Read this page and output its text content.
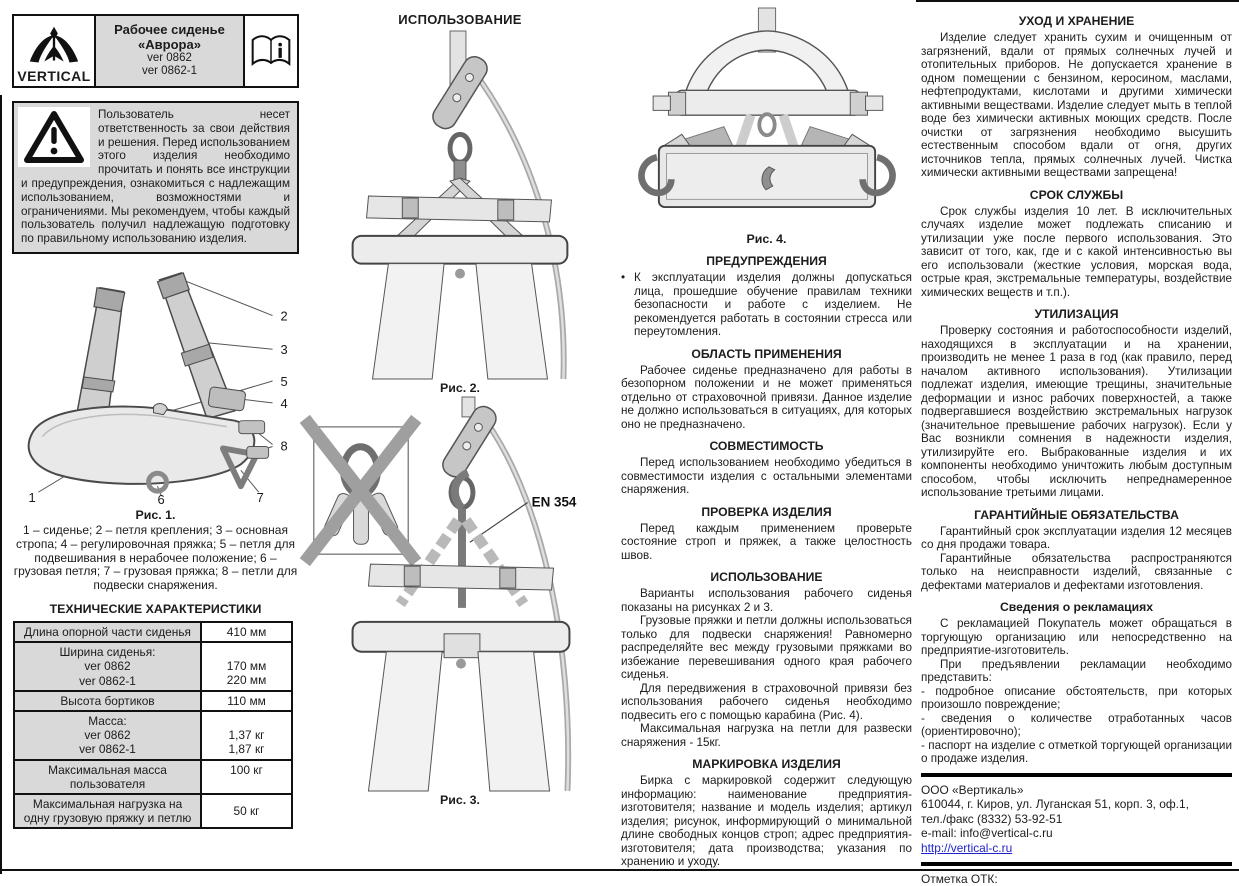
VERTICAL
Рабочее сиденье
«Аврора»
ver 0862
ver 0862-1
Пользователь несет ответственность за свои действия и решения. Перед использованием этого изделия необходимо прочитать и понять все инструкции и предупреждения, ознакомиться с надлежащим использованием, возможностями и ограничениями. Мы рекомендуем, чтобы каждый пользователь получил надлежащую подготовку по правильному использованию изделия.
2
3
5
4
8
1	6	7
Рис. 1.
1 – сиденье; 2 – петля крепления; 3 – основная стропа; 4 – регулировочная пряжка; 5 – петля для подвешивания в нерабочее положение; 6 – грузовая петля; 7 – грузовая пряжка; 8 – петли для подвески снаряжения.
ТЕХНИЧЕСКИЕ ХАРАКТЕРИСТИКИ
Длина опорной части сиденья	410 мм

Ширина сиденья:
ver 0862
ver 0862-1	170 мм
220 мм

Высота бортиков	110 мм

Масса:
ver 0862
ver 0862-1	1,37 кг
1,87 кг

Максимальная масса пользователя	100 кг
Максимальная нагрузка на одну грузовую пряжку и петлю	50 кг
ИСПОЛЬЗОВАНИЕ
Рис. 2.
EN 354
Рис. 3.
Рис. 4.
ПРЕДУПРЕЖДЕНИЯ
• К эксплуатации изделия должны допускаться лица, прошедшие обучение правилам техники безопасности и работе с изделием. Не рекомендуется работать в состоянии стресса или переутомления.
ОБЛАСТЬ ПРИМЕНЕНИЯ

Рабочее сиденье предназначено для работы в безопорном положении и не может применяться отдельно от страховочной привязи. Данное изделие не должно использоваться в ситуациях, для которых оно не предназначено.

СОВМЕСТИМОСТЬ

Перед использованием необходимо убедиться в совместимости изделия с остальными элементами снаряжения.

ПРОВЕРКА ИЗДЕЛИЯ

Перед каждым применением проверьте состояние строп и пряжек, а также целостность швов.

ИСПОЛЬЗОВАНИЕ

Варианты использования рабочего сиденья показаны на рисунках 2 и 3.

Грузовые пряжки и петли должны использоваться только для подвески снаряжения! Равномерно распределяйте вес между грузовыми пряжками во избежание перевешивания одного края рабочего сиденья.

Для передвижения в страховочной привязи без использования рабочего сиденья необходимо подвесить его с помощью карабина (Рис. 4).

Максимальная нагрузка на петли для развески снаряжения - 15кг.

МАРКИРОВКА ИЗДЕЛИЯ

Бирка с маркировкой содержит следующую информацию: наименование предприятия-изготовителя; название и модель изделия; артикул изделия; рисунок, информирующий о минимальной длине свободных концов строп; адрес предприятия-изготовителя; дата производства; указания по хранению и уходу.

УХОД И ХРАНЕНИЕ

Изделие следует хранить сухим и очищенным от загрязнений, вдали от прямых солнечных лучей и отопительных приборов. Не допускается хранение в одном помещении с бензином, керосином, маслами, нефтепродуктами, кислотами и другими химически активными веществами. Изделие следует мыть в теплой воде без химически активных моющих средств. После очистки от загрязнения необходимо высушить естественным способом вдали от огня, других источников тепла, прямых солнечных лучей. Чистка химически активными веществами запрещена!

СРОК СЛУЖБЫ

Срок службы изделия 10 лет. В исключительных случаях изделие может подлежать списанию и утилизации уже после первого использования. Это зависит от того, как, где и с какой интенсивностью вы его использовали (жесткие условия, морская вода, острые края, экстремальные температуры, воздействие химических веществ и т.п.).

УТИЛИЗАЦИЯ

Проверку состояния и работоспособности изделий, находящихся в эксплуатации и на хранении, производить не менее 1 раза в год (как правило, перед началом активного использования). Утилизации подлежат изделия, имеющие трещины, значительные деформации и износ рабочих поверхностей, а также подвергавшиеся воздействию экстремальных нагрузок (значительное превышение рабочих нагрузок). Если у Вас возникли сомнения в надежности изделия, утилизируйте его. Выбракованные изделия и их компоненты необходимо уничтожить любым доступным способом, чтобы исключить непреднамеренное использование третьими лицами.

ГАРАНТИЙНЫЕ ОБЯЗАТЕЛЬСТВА

Гарантийный срок эксплуатации изделия 12 месяцев со дня продажи товара.

Гарантийные обязательства распространяются только на неисправности изделий, связанные с дефектами материалов и дефектами изготовления.

Сведения о рекламациях

С рекламацией Покупатель может обращаться в торгующую организацию или непосредственно на предприятие-изготовитель.

При предъявлении рекламации необходимо представить:

- подробное описание обстоятельств, при которых произошло повреждение;

- сведения о количестве отработанных часов (ориентировочно);

- паспорт на изделие с отметкой торгующей организации о продаже изделия.

ООО «Вертикаль»
610044, г. Киров, ул. Луганская 51, корп. 3, оф.1,
тел./факс (8332) 53-92-51
e-mail: info@vertical-c.ru
http://vertical-c.ru
Отметка ОТК:
